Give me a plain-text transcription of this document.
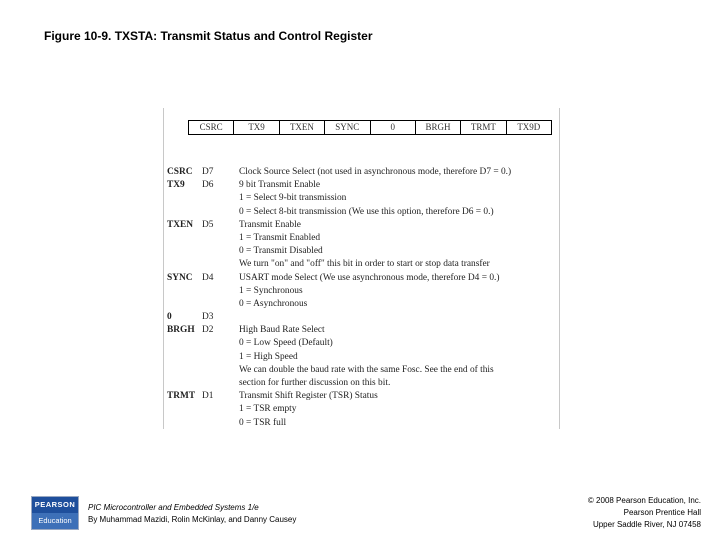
Figure 10-9. TXSTA: Transmit Status and Control Register
CSRC	TX9	TXEN	SYNC	0	BRGH	TRMT	TX9D
CSRC	D7	Clock Source Select (not used in asynchronous mode, therefore D7 = 0.)
TX9	D6	9 bit Transmit Enable
1 = Select 9-bit transmission
0 = Select 8-bit transmission (We use this option, therefore D6 = 0.)
TXEN D5	Transmit Enable
1 = Transmit Enabled
0 = Transmit Disabled
We turn "on" and "off" this bit in order to start or stop data transfer
SYNC	D4	USART mode Select (We use asynchronous mode, therefore D4 = 0.)
1 = Synchronous
0 = Asynchronous
0	D3
BRGH D2	High Baud Rate Select
0 = Low Speed (Default)
1 = High Speed
We can double the baud rate with the same Fosc. See the end of this
section for further discussion on this bit.
TRMT D1	Transmit Shift Register (TSR) Status
1 = TSR empty
0 = TSR full
PEARSON
Education
PIC Microcontroller and Embedded Systems 1/e
By Muhammad Mazidi, Rolin McKinlay, and Danny Causey
© 2008 Pearson Education, Inc.
Pearson Prentice Hall
Upper Saddle River, NJ 07458
